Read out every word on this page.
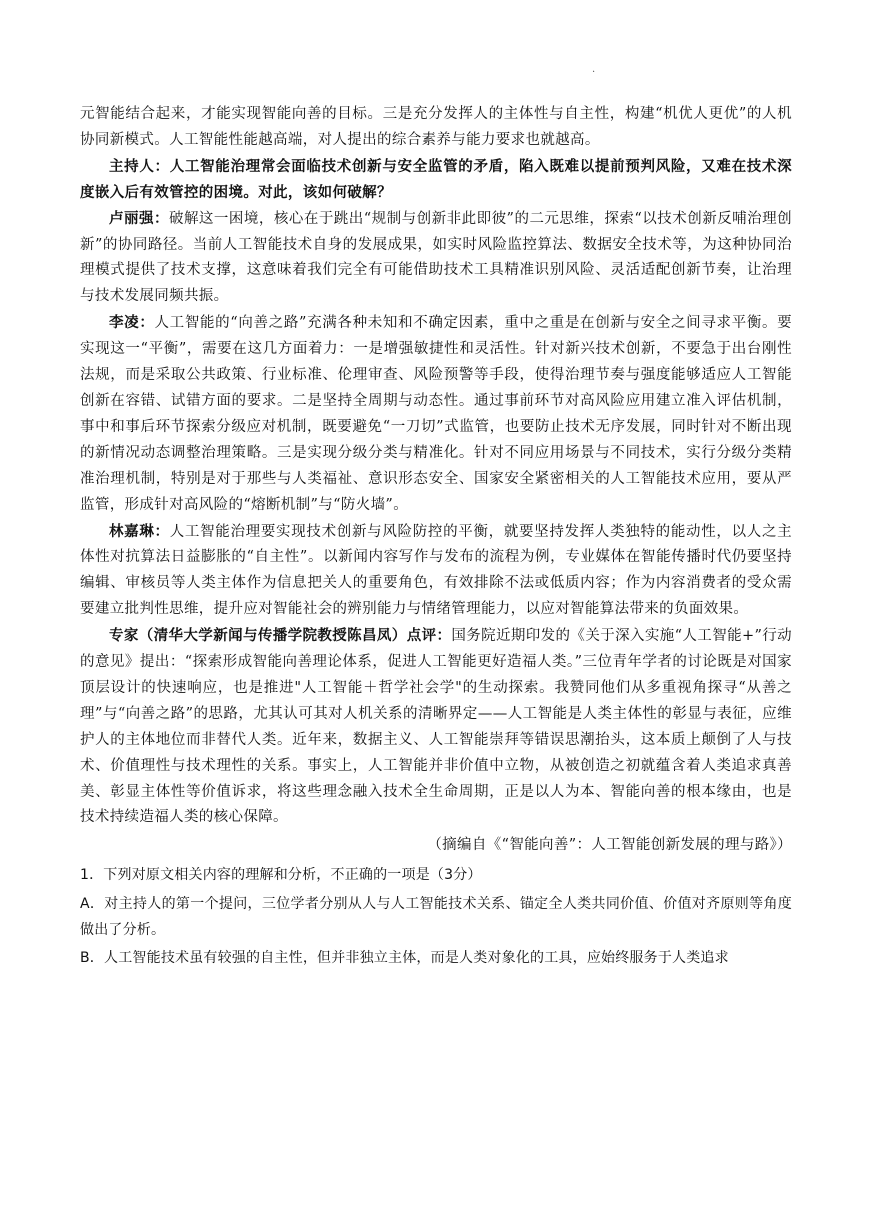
.

元智能结合起来，才能实现智能向善的目标。三是充分发挥人的主体性与自主性，构建“机优人更优”的人机协同新模式。人工智能性能越高端，对人提出的综合素养与能力要求也就越高。

主持人：人工智能治理常会面临技术创新与安全监管的矛盾，陷入既难以提前预判风险，又难在技术深度嵌入后有效管控的困境。对此，该如何破解？

卢丽强：破解这一困境，核心在于跳出“规制与创新非此即彼”的二元思维，探索“以技术创新反哺治理创新”的协同路径。当前人工智能技术自身的发展成果，如实时风险监控算法、数据安全技术等，为这种协同治理模式提供了技术支撑，这意味着我们完全有可能借助技术工具精准识别风险、灵活适配创新节奏，让治理与技术发展同频共振。

李凌：人工智能的“向善之路”充满各种未知和不确定因素，重中之重是在创新与安全之间寻求平衡。要实现这一“平衡”，需要在这几方面着力：一是增强敏捷性和灵活性。针对新兴技术创新，不要急于出台刚性法规，而是采取公共政策、行业标准、伦理审查、风险预警等手段，使得治理节奏与强度能够适应人工智能创新在容错、试错方面的要求。二是坚持全周期与动态性。通过事前环节对高风险应用建立准入评估机制，事中和事后环节探索分级应对机制，既要避免“一刀切”式监管，也要防止技术无序发展，同时针对不断出现的新情况动态调整治理策略。三是实现分级分类与精准化。针对不同应用场景与不同技术，实行分级分类精准治理机制，特别是对于那些与人类福祉、意识形态安全、国家安全紧密相关的人工智能技术应用，要从严监管，形成针对高风险的“熔断机制”与“防火墙”。

林嘉琳：人工智能治理要实现技术创新与风险防控的平衡，就要坚持发挥人类独特的能动性，以人之主体性对抗算法日益膨胀的“自主性”。以新闻内容写作与发布的流程为例，专业媒体在智能传播时代仍要坚持编辑、审核员等人类主体作为信息把关人的重要角色，有效排除不法或低质内容；作为内容消费者的受众需要建立批判性思维，提升应对智能社会的辨别能力与情绪管理能力，以应对智能算法带来的负面效果。

专家（清华大学新闻与传播学院教授陈昌凤）点评：国务院近期印发的《关于深入实施“人工智能+”行动的意见》提出：“探索形成智能向善理论体系，促进人工智能更好造福人类。”三位青年学者的讨论既是对国家顶层设计的快速响应，也是推进"人工智能＋哲学社会学"的生动探索。我赞同他们从多重视角探寻“从善之理”与“向善之路”的思路，尤其认可其对人机关系的清晰界定——人工智能是人类主体性的彰显与表征，应维护人的主体地位而非替代人类。近年来，数据主义、人工智能崇拜等错误思潮抬头，这本质上颠倒了人与技术、价值理性与技术理性的关系。事实上，人工智能并非价值中立物，从被创造之初就蕴含着人类追求真善美、彰显主体性等价值诉求，将这些理念融入技术全生命周期，正是以人为本、智能向善的根本缘由，也是技术持续造福人类的核心保障。

（摘编自《“智能向善”：人工智能创新发展的理与路》）

1．下列对原文相关内容的理解和分析，不正确的一项是（3分）

A．对主持人的第一个提问，三位学者分别从人与人工智能技术关系、锚定全人类共同价值、价值对齐原则等角度做出了分析。

B．人工智能技术虽有较强的自主性，但并非独立主体，而是人类对象化的工具，应始终服务于人类追求
